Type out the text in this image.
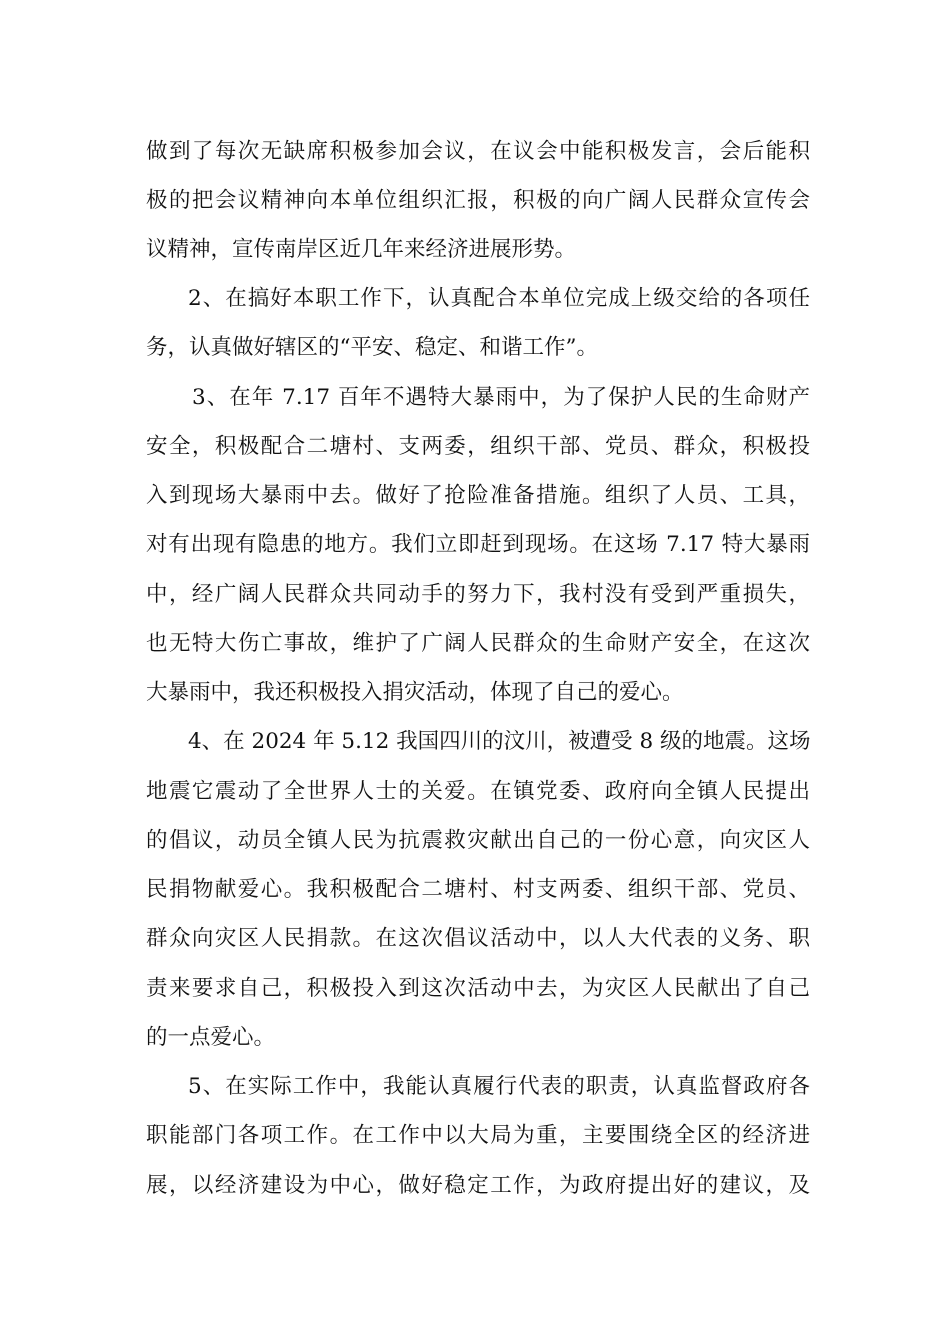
做到了每次无缺席积极参加会议，在议会中能积极发言，会后能积
极的把会议精神向本单位组织汇报，积极的向广阔人民群众宣传会
议精神，宣传南岸区近几年来经济进展形势。
2、在搞好本职工作下，认真配合本单位完成上级交给的各项任
务，认真做好辖区的“平安、稳定、和谐工作”。
3、在年 7.17 百年不遇特大暴雨中，为了保护人民的生命财产
安全，积极配合二塘村、支两委，组织干部、党员、群众，积极投
入到现场大暴雨中去。做好了抢险准备措施。组织了人员、工具，
对有出现有隐患的地方。我们立即赶到现场。在这场 7.17 特大暴雨
中，经广阔人民群众共同动手的努力下，我村没有受到严重损失，
也无特大伤亡事故，维护了广阔人民群众的生命财产安全，在这次
大暴雨中，我还积极投入捐灾活动，体现了自己的爱心。
4、在 2024 年 5.12 我国四川的汶川，被遭受 8 级的地震。这场
地震它震动了全世界人士的关爱。在镇党委、政府向全镇人民提出
的倡议，动员全镇人民为抗震救灾献出自己的一份心意，向灾区人
民捐物献爱心。我积极配合二塘村、村支两委、组织干部、党员、
群众向灾区人民捐款。在这次倡议活动中，以人大代表的义务、职
责来要求自己，积极投入到这次活动中去，为灾区人民献出了自己
的一点爱心。
5、在实际工作中，我能认真履行代表的职责，认真监督政府各
职能部门各项工作。在工作中以大局为重，主要围绕全区的经济进
展，以经济建设为中心，做好稳定工作，为政府提出好的建议，及
